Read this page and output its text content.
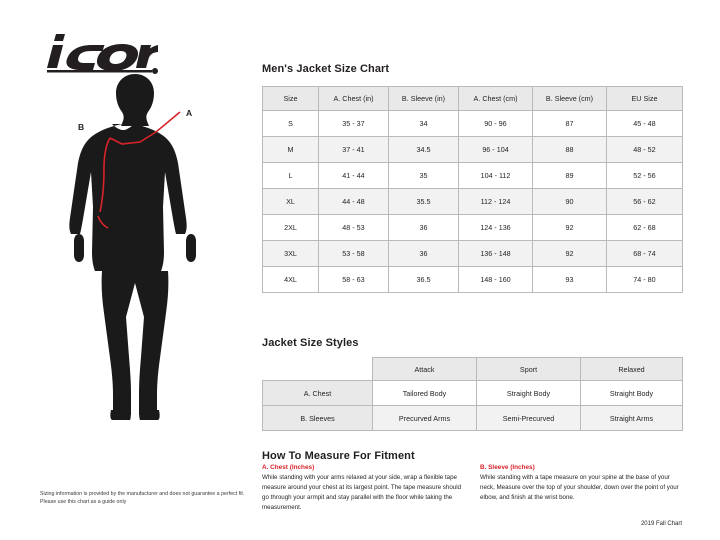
A
B
Sizing information is provided by the manufacturer and does not guarantee a perfect fit. Please use this chart as a guide only
Men's Jacket Size Chart
Size	A. Chest (in)	B. Sleeve (in)	A. Chest (cm)	B. Sleeve (cm)	EU Size
S	35 - 37	34	90 - 96	87	45 - 48
M	37 - 41	34.5	96 - 104	88	48 - 52
L	41 - 44	35	104 - 112	89	52 - 56
XL	44 - 48	35.5	112 - 124	90	56 - 62
2XL	48 - 53	36	124 - 136	92	62 - 68
3XL	53 - 58	36	136 - 148	92	68 - 74
4XL	58 - 63	36.5	148 - 160	93	74 - 80
Jacket Size Styles
	Attack	Sport	Relaxed
A. Chest	Tailored Body	Straight Body	Straight Body
B. Sleeves	Precurved Arms	Semi-Precurved	Straight Arms
How To Measure For Fitment
A. Chest (Inches)
While standing with your arms relaxed at your side, wrap a flexible tape measure around your chest at its largest point. The tape measure should go through your armpit and stay parallel with the floor while taking the measurement.
B. Sleeve (Inches)
While standing with a tape measure on your spine at the base of your neck, Measure over the top of your shoulder, down over the point of your elbow, and finish at the wrist bone.
2019 Fall Chart
